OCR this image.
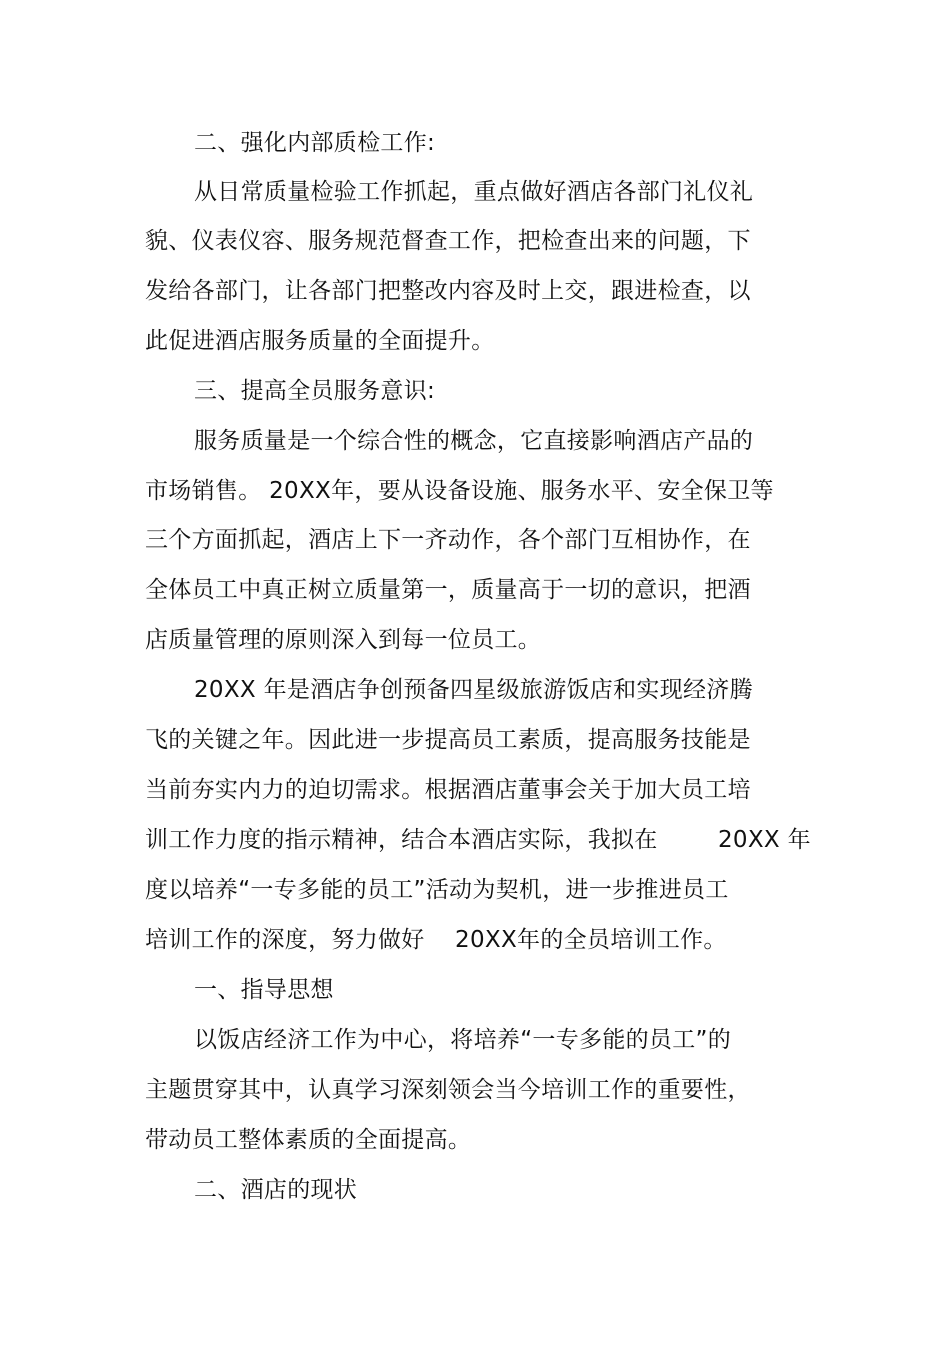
二、强化内部质检工作:
从日常质量检验工作抓起，重点做好酒店各部门礼仪礼
貌、仪表仪容、服务规范督查工作，把检查出来的问题，下
发给各部门，让各部门把整改内容及时上交，跟进检查，以
此促进酒店服务质量的全面提升。
三、提高全员服务意识:
服务质量是一个综合性的概念，它直接影响酒店产品的
市场销售。 20XX年，要从设备设施、服务水平、安全保卫等
三个方面抓起，酒店上下一齐动作，各个部门互相协作，在
全体员工中真正树立质量第一，质量高于一切的意识，把酒
店质量管理的原则深入到每一位员工。
20XX 年是酒店争创预备四星级旅游饭店和实现经济腾
飞的关键之年。因此进一步提高员工素质，提高服务技能是
当前夯实内力的迫切需求。根据酒店董事会关于加大员工培
训工作力度的指示精神，结合本酒店实际，我拟在	20XX 年
度以培养“一专多能的员工”活动为契机，进一步推进员工
培训工作的深度，努力做好    20XX年的全员培训工作。
一、指导思想
以饭店经济工作为中心，将培养“一专多能的员工”的
主题贯穿其中，认真学习深刻领会当今培训工作的重要性，
带动员工整体素质的全面提高。
二、酒店的现状
